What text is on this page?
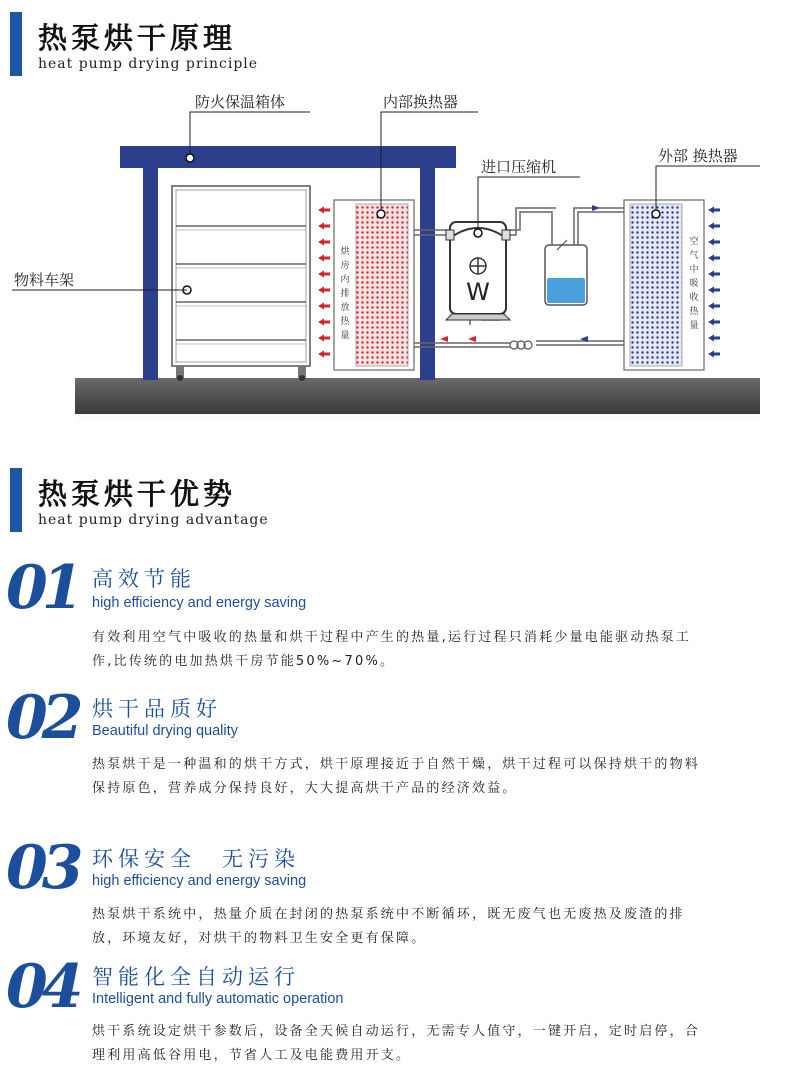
热泵烘干原理
heat pump drying principle
烘
房
内
排
放
热
量
W
空
气
中
吸
收
热
量
防火保温箱体	内部换热器
进口压缩机
外部 换热器
物料车架
热泵烘干优势
heat pump drying advantage
01 高效节能
high efficiency and energy saving
有效利用空气中吸收的热量和烘干过程中产生的热量,运行过程只消耗少量电能驱动热泵工作,比传统的电加热烘干房节能50%~70%。
02 烘干品质好
Beautiful drying quality
热泵烘干是一种温和的烘干方式，烘干原理接近于自然干燥，烘干过程可以保持烘干的物料保持原色，营养成分保持良好，大大提高烘干产品的经济效益。
03 环保安全　无污染
high efficiency and energy saving
热泵烘干系统中，热量介质在封闭的热泵系统中不断循环，既无废气也无废热及废渣的排放，环境友好，对烘干的物料卫生安全更有保障。
04 智能化全自动运行
Intelligent and fully automatic operation
烘干系统设定烘干参数后，设备全天候自动运行，无需专人值守，一键开启，定时启停，合理利用高低谷用电，节省人工及电能费用开支。
